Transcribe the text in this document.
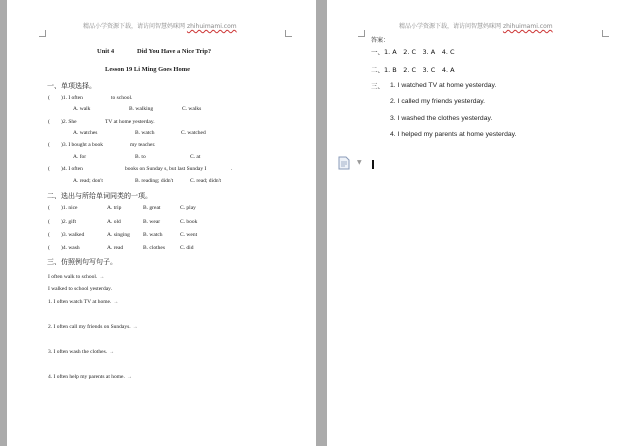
精品小学资源下载，请访问智慧妈咪网 zhihuimami.com
Unit 4	Did You Have a Nice Trip?
Lesson 19 Li Ming Goes Home
一、单项选择。
( )1. I often	to school.
A. walk	B. walking	C. walks
( )2. She	TV at home yesterday.
A. watches	B. watch	C. watched
( )3. I bought a book	my teacher.
A. for	B. to	C. at
( )4. I often	books on Sunday s, but last Sunday I	.
A. read; don't	B. reading; didn't	C. read; didn't
二、选出与所给单词同类的一项。
( )1. nice	A. trip	B. great	C. play
( )2. gift	A. old	B. wear	C. book
( )3. walked	A. singing B. watch	C. went
( )4. wash	A. read	B. clothes	C. did
三、仿照例句写句子。
I often walk to school. →
I walked to school yesterday.
1. I often watch TV at home. →
2. I often call my friends on Sundays. →
3. I often wash the clothes. →
4. I often help my parents at home. →
精品小学资源下载，请访问智慧妈咪网 zhihuimami.com
答案：
一、1. A　2. C　3. A　4. C
二、1. B　2. C　3. C　4. A
三、 1. I watched TV at home yesterday.
2. I called my friends yesterday.
3. I washed the clothes yesterday.
4. I helped my parents at home yesterday.
▼
